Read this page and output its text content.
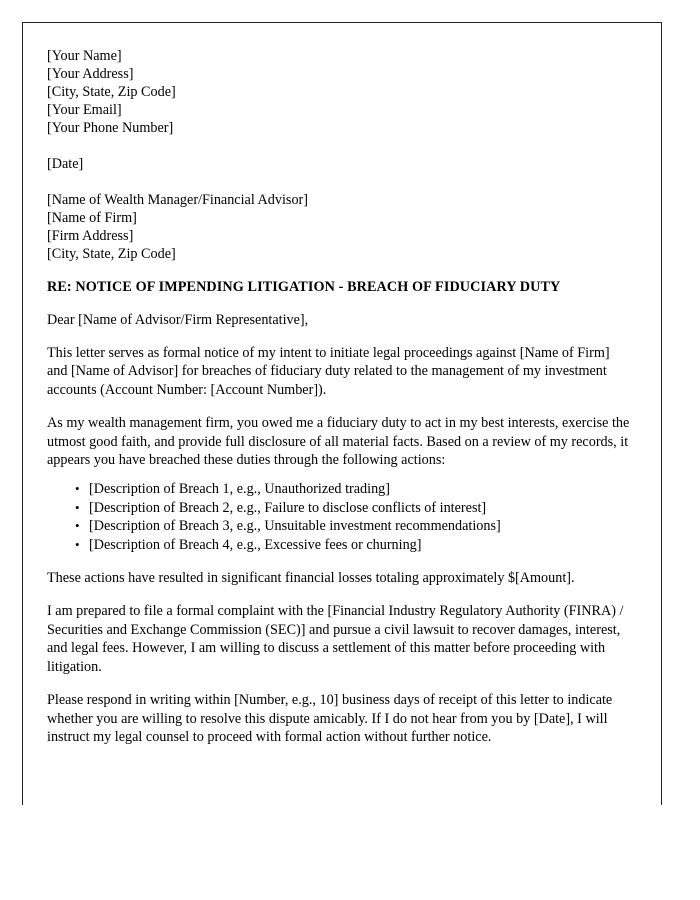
[Your Name]
[Your Address]
[City, State, Zip Code]
[Your Email]
[Your Phone Number]
[Date]
[Name of Wealth Manager/Financial Advisor]
[Name of Firm]
[Firm Address]
[City, State, Zip Code]
RE: NOTICE OF IMPENDING LITIGATION - BREACH OF FIDUCIARY DUTY
Dear [Name of Advisor/Firm Representative],

This letter serves as formal notice of my intent to initiate legal proceedings against [Name of Firm] and [Name of Advisor] for breaches of fiduciary duty related to the management of my investment accounts (Account Number: [Account Number]).

As my wealth management firm, you owed me a fiduciary duty to act in my best interests, exercise the utmost good faith, and provide full disclosure of all material facts. Based on a review of my records, it appears you have breached these duties through the following actions:

• [Description of Breach 1, e.g., Unauthorized trading]
• [Description of Breach 2, e.g., Failure to disclose conflicts of interest]
• [Description of Breach 3, e.g., Unsuitable investment recommendations]
• [Description of Breach 4, e.g., Excessive fees or churning]

These actions have resulted in significant financial losses totaling approximately $[Amount].

I am prepared to file a formal complaint with the [Financial Industry Regulatory Authority (FINRA) / Securities and Exchange Commission (SEC)] and pursue a civil lawsuit to recover damages, interest, and legal fees. However, I am willing to discuss a settlement of this matter before proceeding with litigation.

Please respond in writing within [Number, e.g., 10] business days of receipt of this letter to indicate whether you are willing to resolve this dispute amicably. If I do not hear from you by [Date], I will instruct my legal counsel to proceed with formal action without further notice.
